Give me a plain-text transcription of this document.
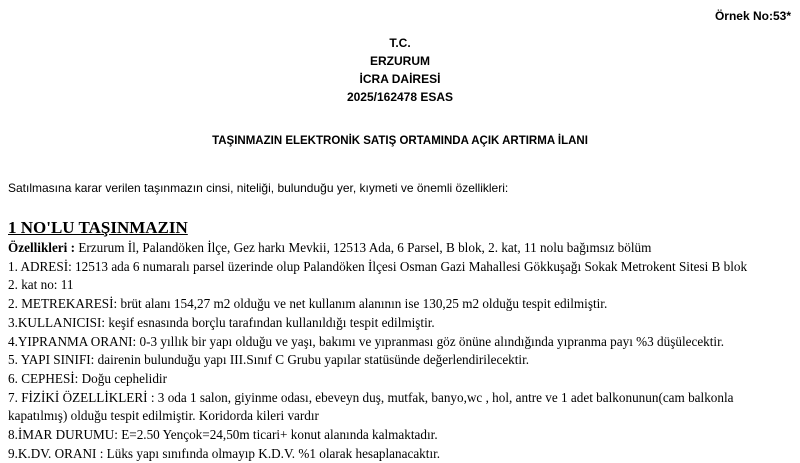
Örnek No:53*
T.C.
ERZURUM
İCRA DAİRESİ
2025/162478 ESAS
TAŞINMAZIN ELEKTRONİK SATIŞ ORTAMINDA AÇIK ARTIRMA İLANI
Satılmasına karar verilen taşınmazın cinsi, niteliği, bulunduğu yer, kıymeti ve önemli özellikleri:
1 NO'LU TAŞINMAZIN
Özellikleri : Erzurum İl, Palandöken İlçe, Gez harkı Mevkii, 12513 Ada, 6 Parsel, B blok, 2. kat, 11 nolu bağımsız bölüm
1. ADRESİ: 12513 ada 6 numaralı parsel üzerinde olup Palandöken İlçesi Osman Gazi Mahallesi Gökkuşağı Sokak Metrokent Sitesi B blok
2. kat no: 11
2. METREKARESİ: brüt alanı 154,27 m2 olduğu ve net kullanım alanının ise 130,25 m2 olduğu tespit edilmiştir.
3.KULLANICISI: keşif esnasında borçlu tarafından kullanıldığı tespit edilmiştir.
4.YIPRANMA ORANI: 0-3 yıllık bir yapı olduğu ve yaşı, bakımı ve yıpranması göz önüne alındığında yıpranma payı %3 düşülecektir.
5. YAPI SINIFI: dairenin bulunduğu yapı III.Sınıf C Grubu yapılar statüsünde değerlendirilecektir.
6. CEPHESİ: Doğu cephelidir
7. FİZİKİ ÖZELLİKLERİ : 3 oda 1 salon, giyinme odası, ebeveyn duş, mutfak, banyo,wc , hol, antre ve 1 adet balkonunun(cam balkonla kapatılmış) olduğu tespit edilmiştir. Koridorda kileri vardır
8.İMAR DURUMU: E=2.50 Yençok=24,50m ticari+ konut alanında kalmaktadır.
9.K.DV. ORANI : Lüks yapı sınıfında olmayıp K.D.V. %1 olarak hesaplanacaktır.
